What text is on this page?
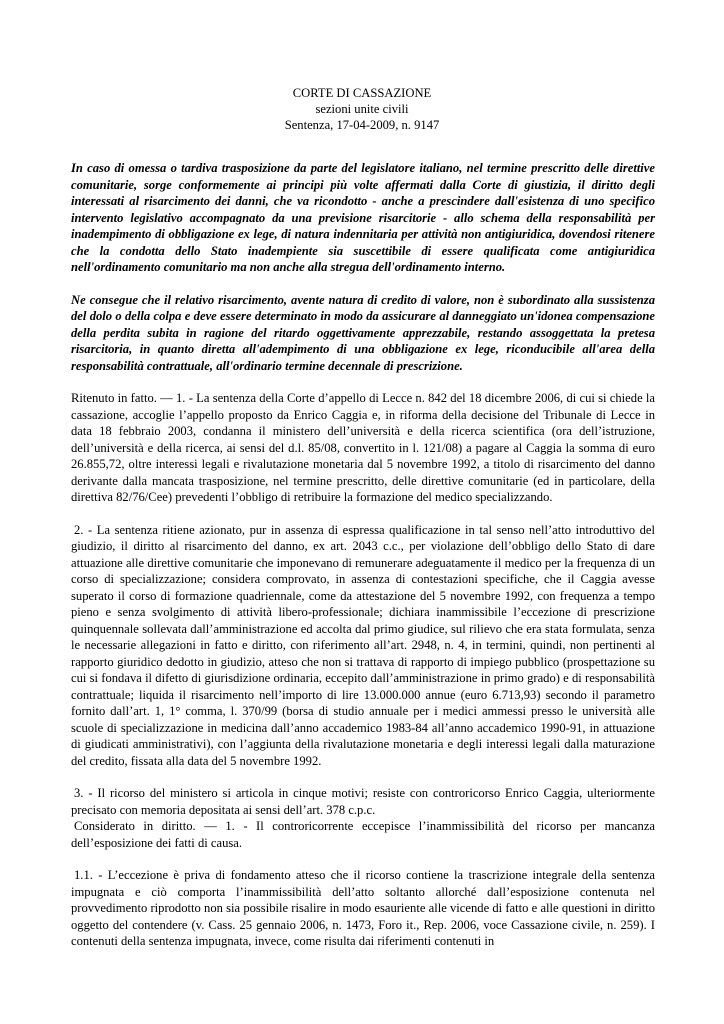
CORTE DI CASSAZIONE
sezioni unite civili
Sentenza, 17-04-2009, n. 9147

In caso di omessa o tardiva trasposizione da parte del legislatore italiano, nel termine prescritto delle direttive comunitarie, sorge conformemente ai principi più volte affermati dalla Corte di giustizia, il diritto degli interessati al risarcimento dei danni, che va ricondotto - anche a prescindere dall'esistenza di uno specifico intervento legislativo accompagnato da una previsione risarcitorie - allo schema della responsabilità per inadempimento di obbligazione ex lege, di natura indennitaria per attività non antigiuridica, dovendosi ritenere che la condotta dello Stato inadempiente sia suscettibile di essere qualificata come antigiuridica nell'ordinamento comunitario ma non anche alla stregua dell'ordinamento interno.

Ne consegue che il relativo risarcimento, avente natura di credito di valore, non è subordinato alla sussistenza del dolo o della colpa e deve essere determinato in modo da assicurare al danneggiato un'idonea compensazione della perdita subita in ragione del ritardo oggettivamente apprezzabile, restando assoggettata la pretesa risarcitoria, in quanto diretta all'adempimento di una obbligazione ex lege, riconducibile all'area della responsabilità contrattuale, all'ordinario termine decennale di prescrizione.

Ritenuto in fatto. — 1. - La sentenza della Corte d’appello di Lecce n. 842 del 18 dicembre 2006, di cui si chiede la cassazione, accoglie l’appello proposto da Enrico Caggia e, in riforma della decisione del Tribunale di Lecce in data 18 febbraio 2003, condanna il ministero dell’università e della ricerca scientifica (ora dell’istruzione, dell’università e della ricerca, ai sensi del d.l. 85/08, convertito in l. 121/08) a pagare al Caggia la somma di euro 26.855,72, oltre interessi legali e rivalutazione monetaria dal 5 novembre 1992, a titolo di risarcimento del danno derivante dalla mancata trasposizione, nel termine prescritto, delle direttive comunitarie (ed in particolare, della direttiva 82/76/Cee) prevedenti l’obbligo di retribuire la formazione del medico specializzando.

2. - La sentenza ritiene azionato, pur in assenza di espressa qualificazione in tal senso nell’atto introduttivo del giudizio, il diritto al risarcimento del danno, ex art. 2043 c.c., per violazione dell’obbligo dello Stato di dare attuazione alle direttive comunitarie che imponevano di remunerare adeguatamente il medico per la frequenza di un corso di specializzazione; considera comprovato, in assenza di contestazioni specifiche, che il Caggia avesse superato il corso di formazione quadriennale, come da attestazione del 5 novembre 1992, con frequenza a tempo pieno e senza svolgimento di attività libero-professionale; dichiara inammissibile l’eccezione di prescrizione quinquennale sollevata dall’amministrazione ed accolta dal primo giudice, sul rilievo che era stata formulata, senza le necessarie allegazioni in fatto e diritto, con riferimento all’art. 2948, n. 4, in termini, quindi, non pertinenti al rapporto giuridico dedotto in giudizio, atteso che non si trattava di rapporto di impiego pubblico (prospettazione su cui si fondava il difetto di giurisdizione ordinaria, eccepito dall’amministrazione in primo grado) e di responsabilità contrattuale; liquida il risarcimento nell’importo di lire 13.000.000 annue (euro 6.713,93) secondo il parametro fornito dall’art. 1, 1° comma, l. 370/99 (borsa di studio annuale per i medici ammessi presso le università alle scuole di specializzazione in medicina dall’anno accademico 1983-84 all’anno accademico 1990-91, in attuazione di giudicati amministrativi), con l’aggiunta della rivalutazione monetaria e degli interessi legali dalla maturazione del credito, fissata alla data del 5 novembre 1992.

3. - Il ricorso del ministero si articola in cinque motivi; resiste con controricorso Enrico Caggia, ulteriormente precisato con memoria depositata ai sensi dell’art. 378 c.p.c.

Considerato in diritto. — 1. - Il controricorrente eccepisce l’inammissibilità del ricorso per mancanza dell’esposizione dei fatti di causa.

1.1. - L’eccezione è priva di fondamento atteso che il ricorso contiene la trascrizione integrale della sentenza impugnata e ciò comporta l’inammissibilità dell’atto soltanto allorché dall’esposizione contenuta nel provvedimento riprodotto non sia possibile risalire in modo esauriente alle vicende di fatto e alle questioni in diritto oggetto del contendere (v. Cass. 25 gennaio 2006, n. 1473, Foro it., Rep. 2006, voce Cassazione civile, n. 259). I contenuti della sentenza impugnata, invece, come risulta dai riferimenti contenuti in
